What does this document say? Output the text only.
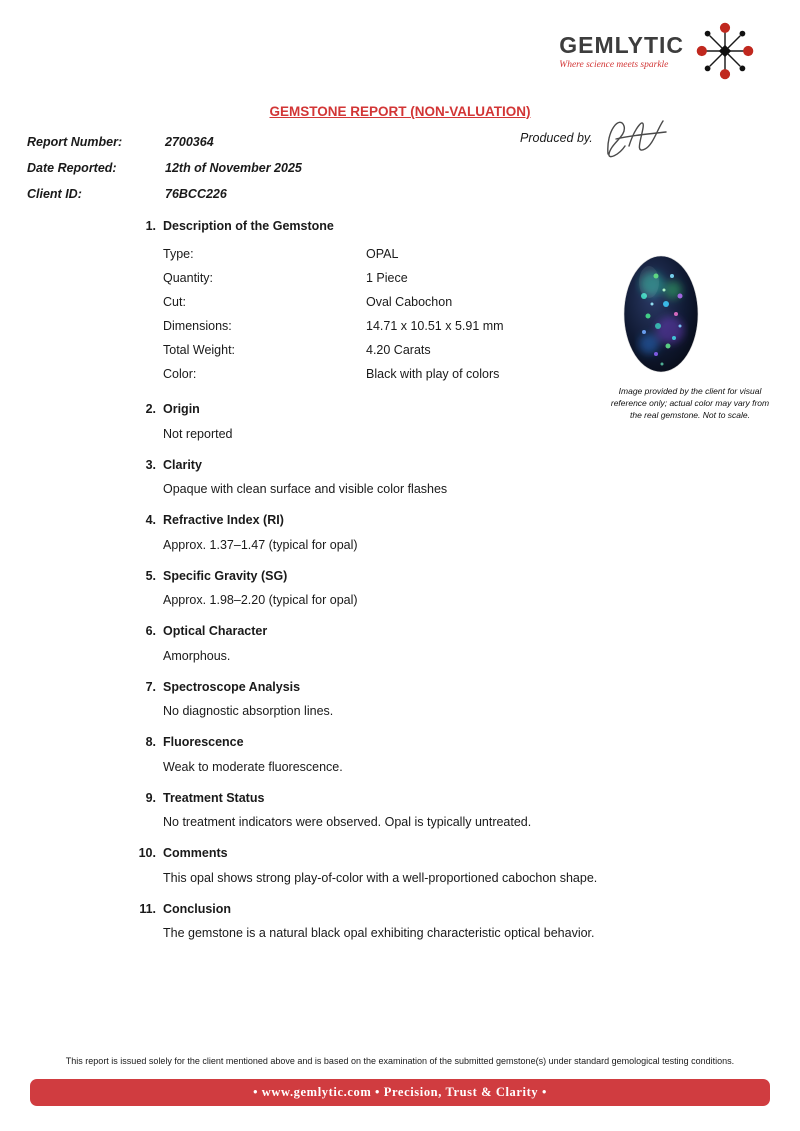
GEMLYTIC
Where science meets sparkle
GEMSTONE REPORT (NON-VALUATION)
Report Number:	2700364
Date Reported:	12th of November 2025
Client ID:	76BCC226
Produced by.
1. Description of the Gemstone
Type:	OPAL
Quantity:	1 Piece
Cut:	Oval Cabochon
Dimensions:	14.71 x 10.51 x 5.91 mm
Total Weight:	4.20 Carats
Color:	Black with play of colors
2. Origin

Not reported

3. Clarity

Opaque with clean surface and visible color flashes

4. Refractive Index (RI)

Approx. 1.37–1.47 (typical for opal)

5. Specific Gravity (SG)

Approx. 1.98–2.20 (typical for opal)

6. Optical Character

Amorphous.

7. Spectroscope Analysis

No diagnostic absorption lines.

8. Fluorescence

Weak to moderate fluorescence.

9. Treatment Status

No treatment indicators were observed. Opal is typically untreated.

10. Comments

This opal shows strong play-of-color with a well-proportioned cabochon shape.

11. Conclusion

The gemstone is a natural black opal exhibiting characteristic optical behavior.

Image provided by the client for visual reference only; actual color may vary from the real gemstone. Not to scale.
This report is issued solely for the client mentioned above and is based on the examination of the submitted gemstone(s) under standard gemological testing conditions.
• www.gemlytic.com • Precision, Trust & Clarity •
